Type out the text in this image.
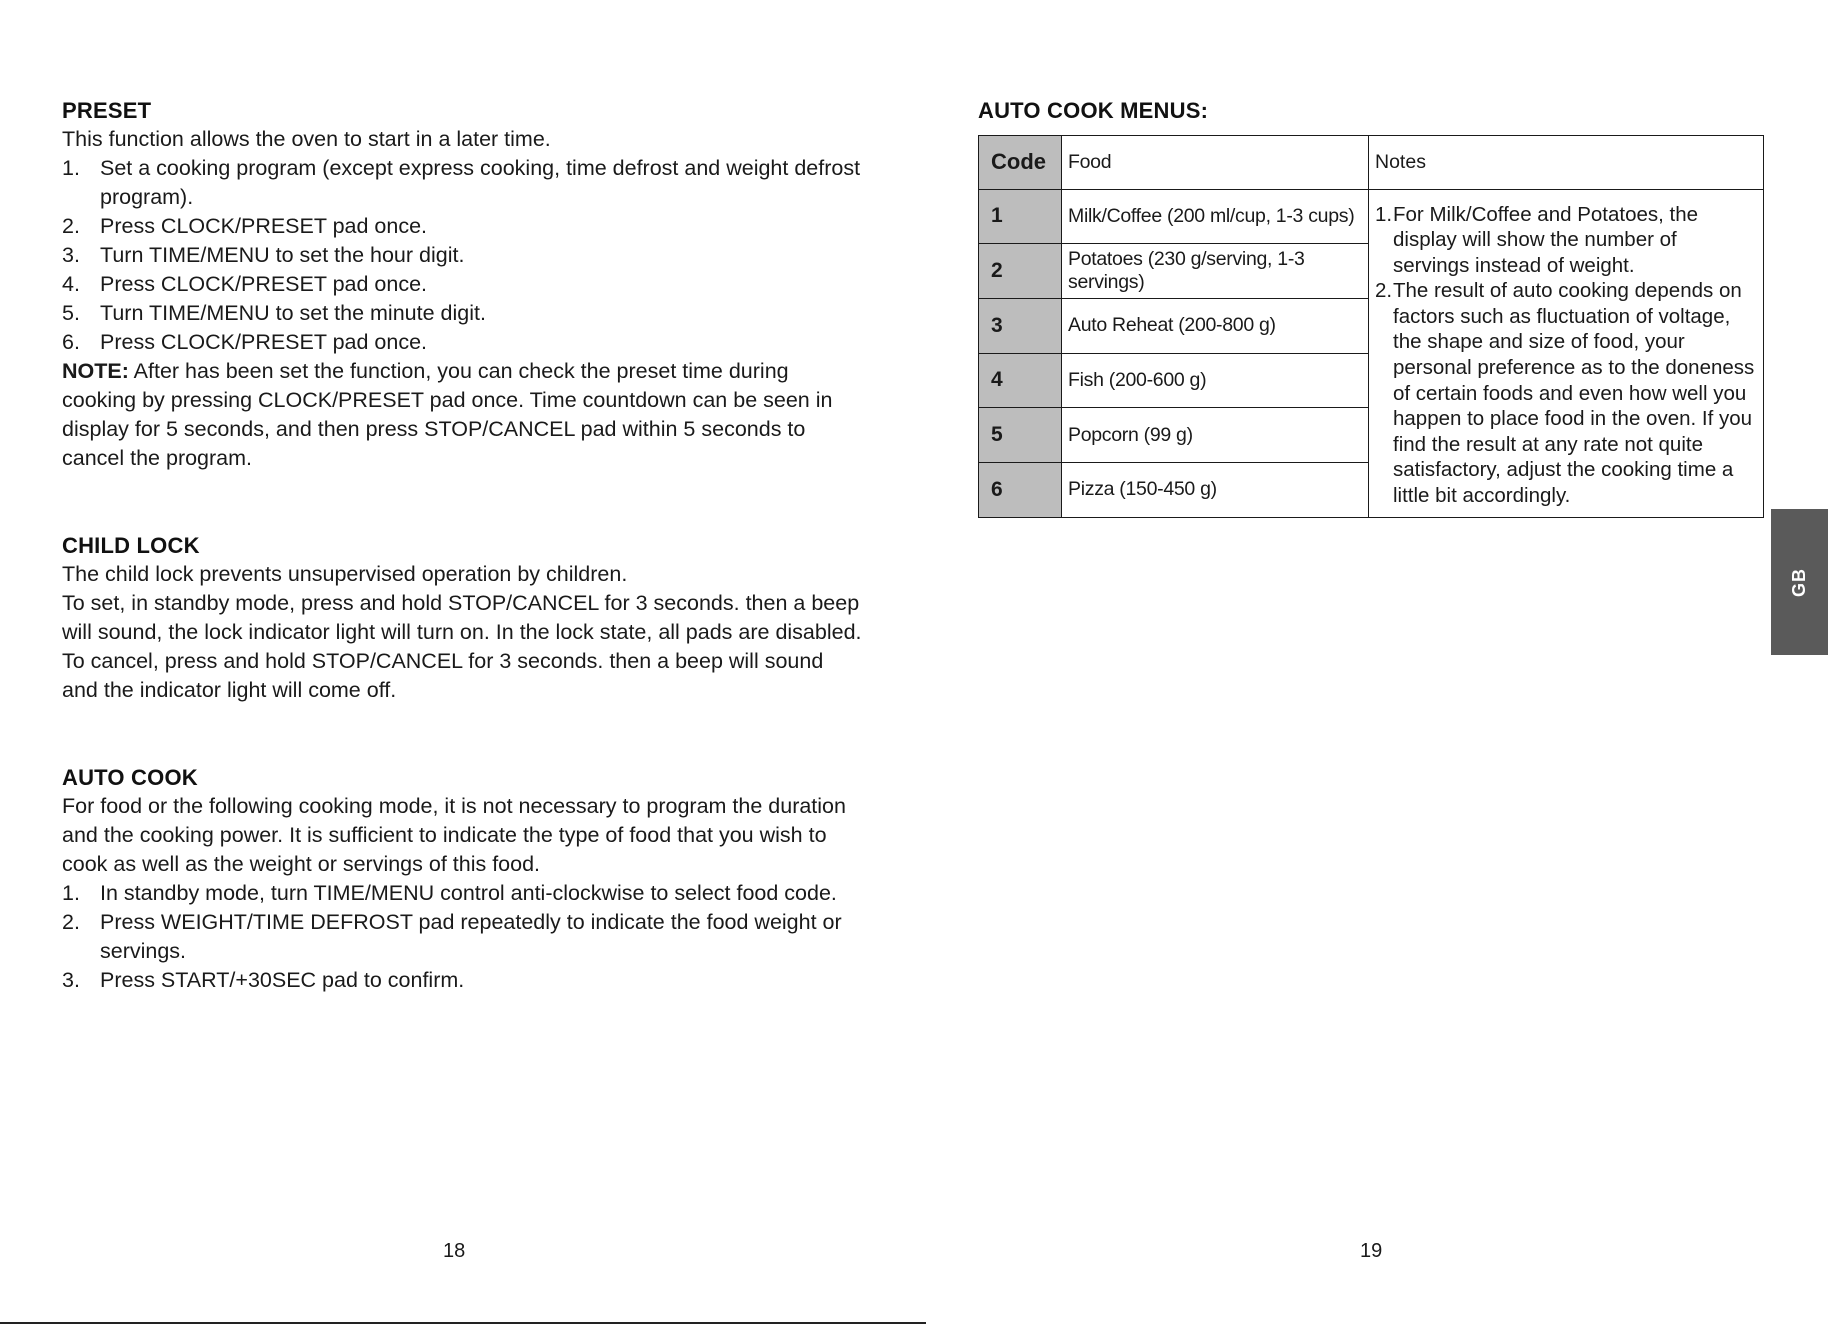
PRESET

This function allows the oven to start in a later time.

1. Set a cooking program (except express cooking, time defrost and weight defrost program).
2. Press CLOCK/PRESET pad once.
3. Turn TIME/MENU to set the hour digit.
4. Press CLOCK/PRESET pad once.
5. Turn TIME/MENU to set the minute digit.
6. Press CLOCK/PRESET pad once.

NOTE: After has been set the function, you can check the preset time during cooking by pressing CLOCK/PRESET pad once. Time countdown can be seen in display for 5 seconds, and then press STOP/CANCEL pad within 5 seconds to cancel the program.

CHILD LOCK

The child lock prevents unsupervised operation by children.

To set, in standby mode, press and hold STOP/CANCEL for 3 seconds. then a beep will sound, the lock indicator light will turn on. In the lock state, all pads are disabled.

To cancel, press and hold STOP/CANCEL for 3 seconds. then a beep will sound and the indicator light will come off.

AUTO COOK

For food or the following cooking mode, it is not necessary to program the duration and the cooking power. It is sufficient to indicate the type of food that you wish to cook as well as the weight or servings of this food.

1. In standby mode, turn TIME/MENU control anti-clockwise to select food code.
2. Press WEIGHT/TIME DEFROST pad repeatedly to indicate the food weight or servings.
3. Press START/+30SEC pad to confirm.
18
AUTO COOK MENUS:
Code	Food	Notes
1	Milk/Coffee (200 ml/cup, 1-3 cups)	1. For Milk/Coffee and Potatoes, the display will show the number of servings instead of weight.
2. The result of auto cooking depends on factors such as fluctuation of voltage, the shape and size of food, your personal preference as to the doneness of certain foods and even how well you happen to place food in the oven. If you find the result at any rate not quite satisfactory, adjust the cooking time a little bit accordingly.

2	Potatoes (230 g/serving, 1-3 servings)	
3	Auto Reheat (200-800 g)	
4	Fish (200-600 g)	
5	Popcorn (99 g)	
6	Pizza (150-450 g)	
19
GB
